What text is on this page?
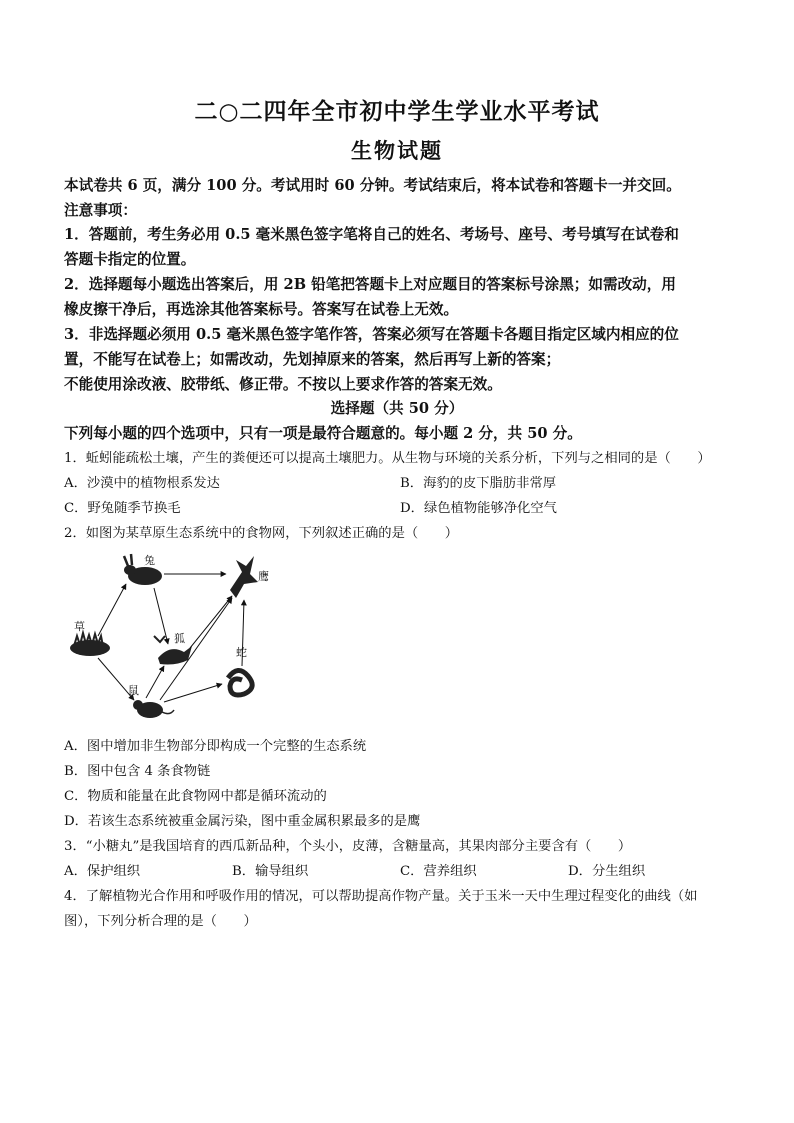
二○二四年全市初中学生学业水平考试
生物试题
本试卷共 6 页，满分 100 分。考试用时 60 分钟。考试结束后，将本试卷和答题卡一并交回。
注意事项：
1．答题前，考生务必用 0.5 毫米黑色签字笔将自己的姓名、考场号、座号、考号填写在试卷和
答题卡指定的位置。
2．选择题每小题选出答案后，用 2B 铅笔把答题卡上对应题目的答案标号涂黑；如需改动，用
橡皮擦干净后，再选涂其他答案标号。答案写在试卷上无效。
3．非选择题必须用 0.5 毫米黑色签字笔作答，答案必须写在答题卡各题目指定区域内相应的位
置，不能写在试卷上；如需改动，先划掉原来的答案，然后再写上新的答案；
不能使用涂改液、胶带纸、修正带。不按以上要求作答的答案无效。
选择题（共 50 分）
下列每小题的四个选项中，只有一项是最符合题意的。每小题 2 分，共 50 分。
1．蚯蚓能疏松土壤，产生的粪便还可以提高土壤肥力。从生物与环境的关系分析，下列与之相同的是（　　）
A．沙漠中的植物根系发达	B．海豹的皮下脂肪非常厚
C．野兔随季节换毛	D．绿色植物能够净化空气
2．如图为某草原生态系统中的食物网，下列叙述正确的是（　　）
草
兔
鹰
狐
蛇
鼠
A．图中增加非生物部分即构成一个完整的生态系统
B．图中包含 4 条食物链
C．物质和能量在此食物网中都是循环流动的
D．若该生态系统被重金属污染，图中重金属积累最多的是鹰
3．“小糖丸”是我国培育的西瓜新品种，个头小，皮薄，含糖量高，其果肉部分主要含有（　　）
A．保护组织	B．输导组织	C．营养组织	D．分生组织
4．了解植物光合作用和呼吸作用的情况，可以帮助提高作物产量。关于玉米一天中生理过程变化的曲线（如
图），下列分析合理的是（　　）
